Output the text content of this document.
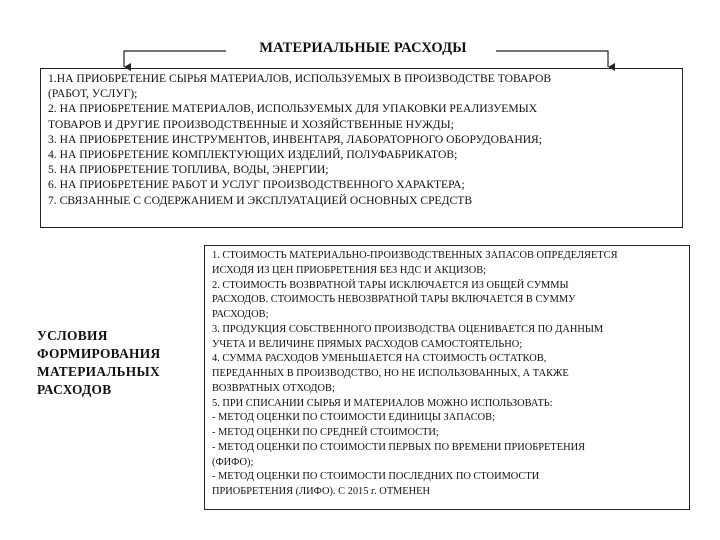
МАТЕРИАЛЬНЫЕ РАСХОДЫ
1.НА ПРИОБРЕТЕНИЕ СЫРЬЯ МАТЕРИАЛОВ, ИСПОЛЬЗУЕМЫХ В ПРОИЗВОДСТВЕ ТОВАРОВ
(РАБОТ, УСЛУГ);
2. НА ПРИОБРЕТЕНИЕ МАТЕРИАЛОВ, ИСПОЛЬЗУЕМЫХ ДЛЯ УПАКОВКИ РЕАЛИЗУЕМЫХ
ТОВАРОВ И ДРУГИЕ ПРОИЗВОДСТВЕННЫЕ И ХОЗЯЙСТВЕННЫЕ НУЖДЫ;
3. НА ПРИОБРЕТЕНИЕ ИНСТРУМЕНТОВ, ИНВЕНТАРЯ, ЛАБОРАТОРНОГО ОБОРУДОВАНИЯ;
4. НА ПРИОБРЕТЕНИЕ КОМПЛЕКТУЮЩИХ ИЗДЕЛИЙ, ПОЛУФАБРИКАТОВ;
5. НА ПРИОБРЕТЕНИЕ ТОПЛИВА, ВОДЫ, ЭНЕРГИИ;
6. НА ПРИОБРЕТЕНИЕ РАБОТ И УСЛУГ ПРОИЗВОДСТВЕННОГО ХАРАКТЕРА;
7. СВЯЗАННЫЕ С СОДЕРЖАНИЕМ И ЭКСПЛУАТАЦИЕЙ ОСНОВНЫХ СРЕДСТВ
УСЛОВИЯ
ФОРМИРОВАНИЯ
МАТЕРИАЛЬНЫХ
РАСХОДОВ
1. СТОИМОСТЬ МАТЕРИАЛЬНО-ПРОИЗВОДСТВЕННЫХ ЗАПАСОВ ОПРЕДЕЛЯЕТСЯ
ИСХОДЯ ИЗ ЦЕН ПРИОБРЕТЕНИЯ БЕЗ НДС И АКЦИЗОВ;
2. СТОИМОСТЬ ВОЗВРАТНОЙ ТАРЫ ИСКЛЮЧАЕТСЯ ИЗ ОБЩЕЙ СУММЫ
РАСХОДОВ. СТОИМОСТЬ НЕВОЗВРАТНОЙ ТАРЫ ВКЛЮЧАЕТСЯ В СУММУ
РАСХОДОВ;
3. ПРОДУКЦИЯ СОБСТВЕННОГО ПРОИЗВОДСТВА ОЦЕНИВАЕТСЯ ПО ДАННЫМ
УЧЕТА И ВЕЛИЧИНЕ ПРЯМЫХ РАСХОДОВ САМОСТОЯТЕЛЬНО;
4. СУММА РАСХОДОВ УМЕНЬШАЕТСЯ НА СТОИМОСТЬ ОСТАТКОВ,
ПЕРЕДАННЫХ В ПРОИЗВОДСТВО, НО НЕ ИСПОЛЬЗОВАННЫХ, А ТАКЖЕ
ВОЗВРАТНЫХ ОТХОДОВ;
5. ПРИ СПИСАНИИ СЫРЬЯ И МАТЕРИАЛОВ МОЖНО ИСПОЛЬЗОВАТЬ:
- МЕТОД ОЦЕНКИ ПО СТОИМОСТИ ЕДИНИЦЫ ЗАПАСОВ;
- МЕТОД ОЦЕНКИ ПО СРЕДНЕЙ СТОИМОСТИ;
- МЕТОД ОЦЕНКИ ПО СТОИМОСТИ ПЕРВЫХ ПО ВРЕМЕНИ ПРИОБРЕТЕНИЯ
(ФИФО);
- МЕТОД ОЦЕНКИ ПО СТОИМОСТИ ПОСЛЕДНИХ ПО СТОИМОСТИ
ПРИОБРЕТЕНИЯ (ЛИФО). С 2015 г. ОТМЕНЕН
